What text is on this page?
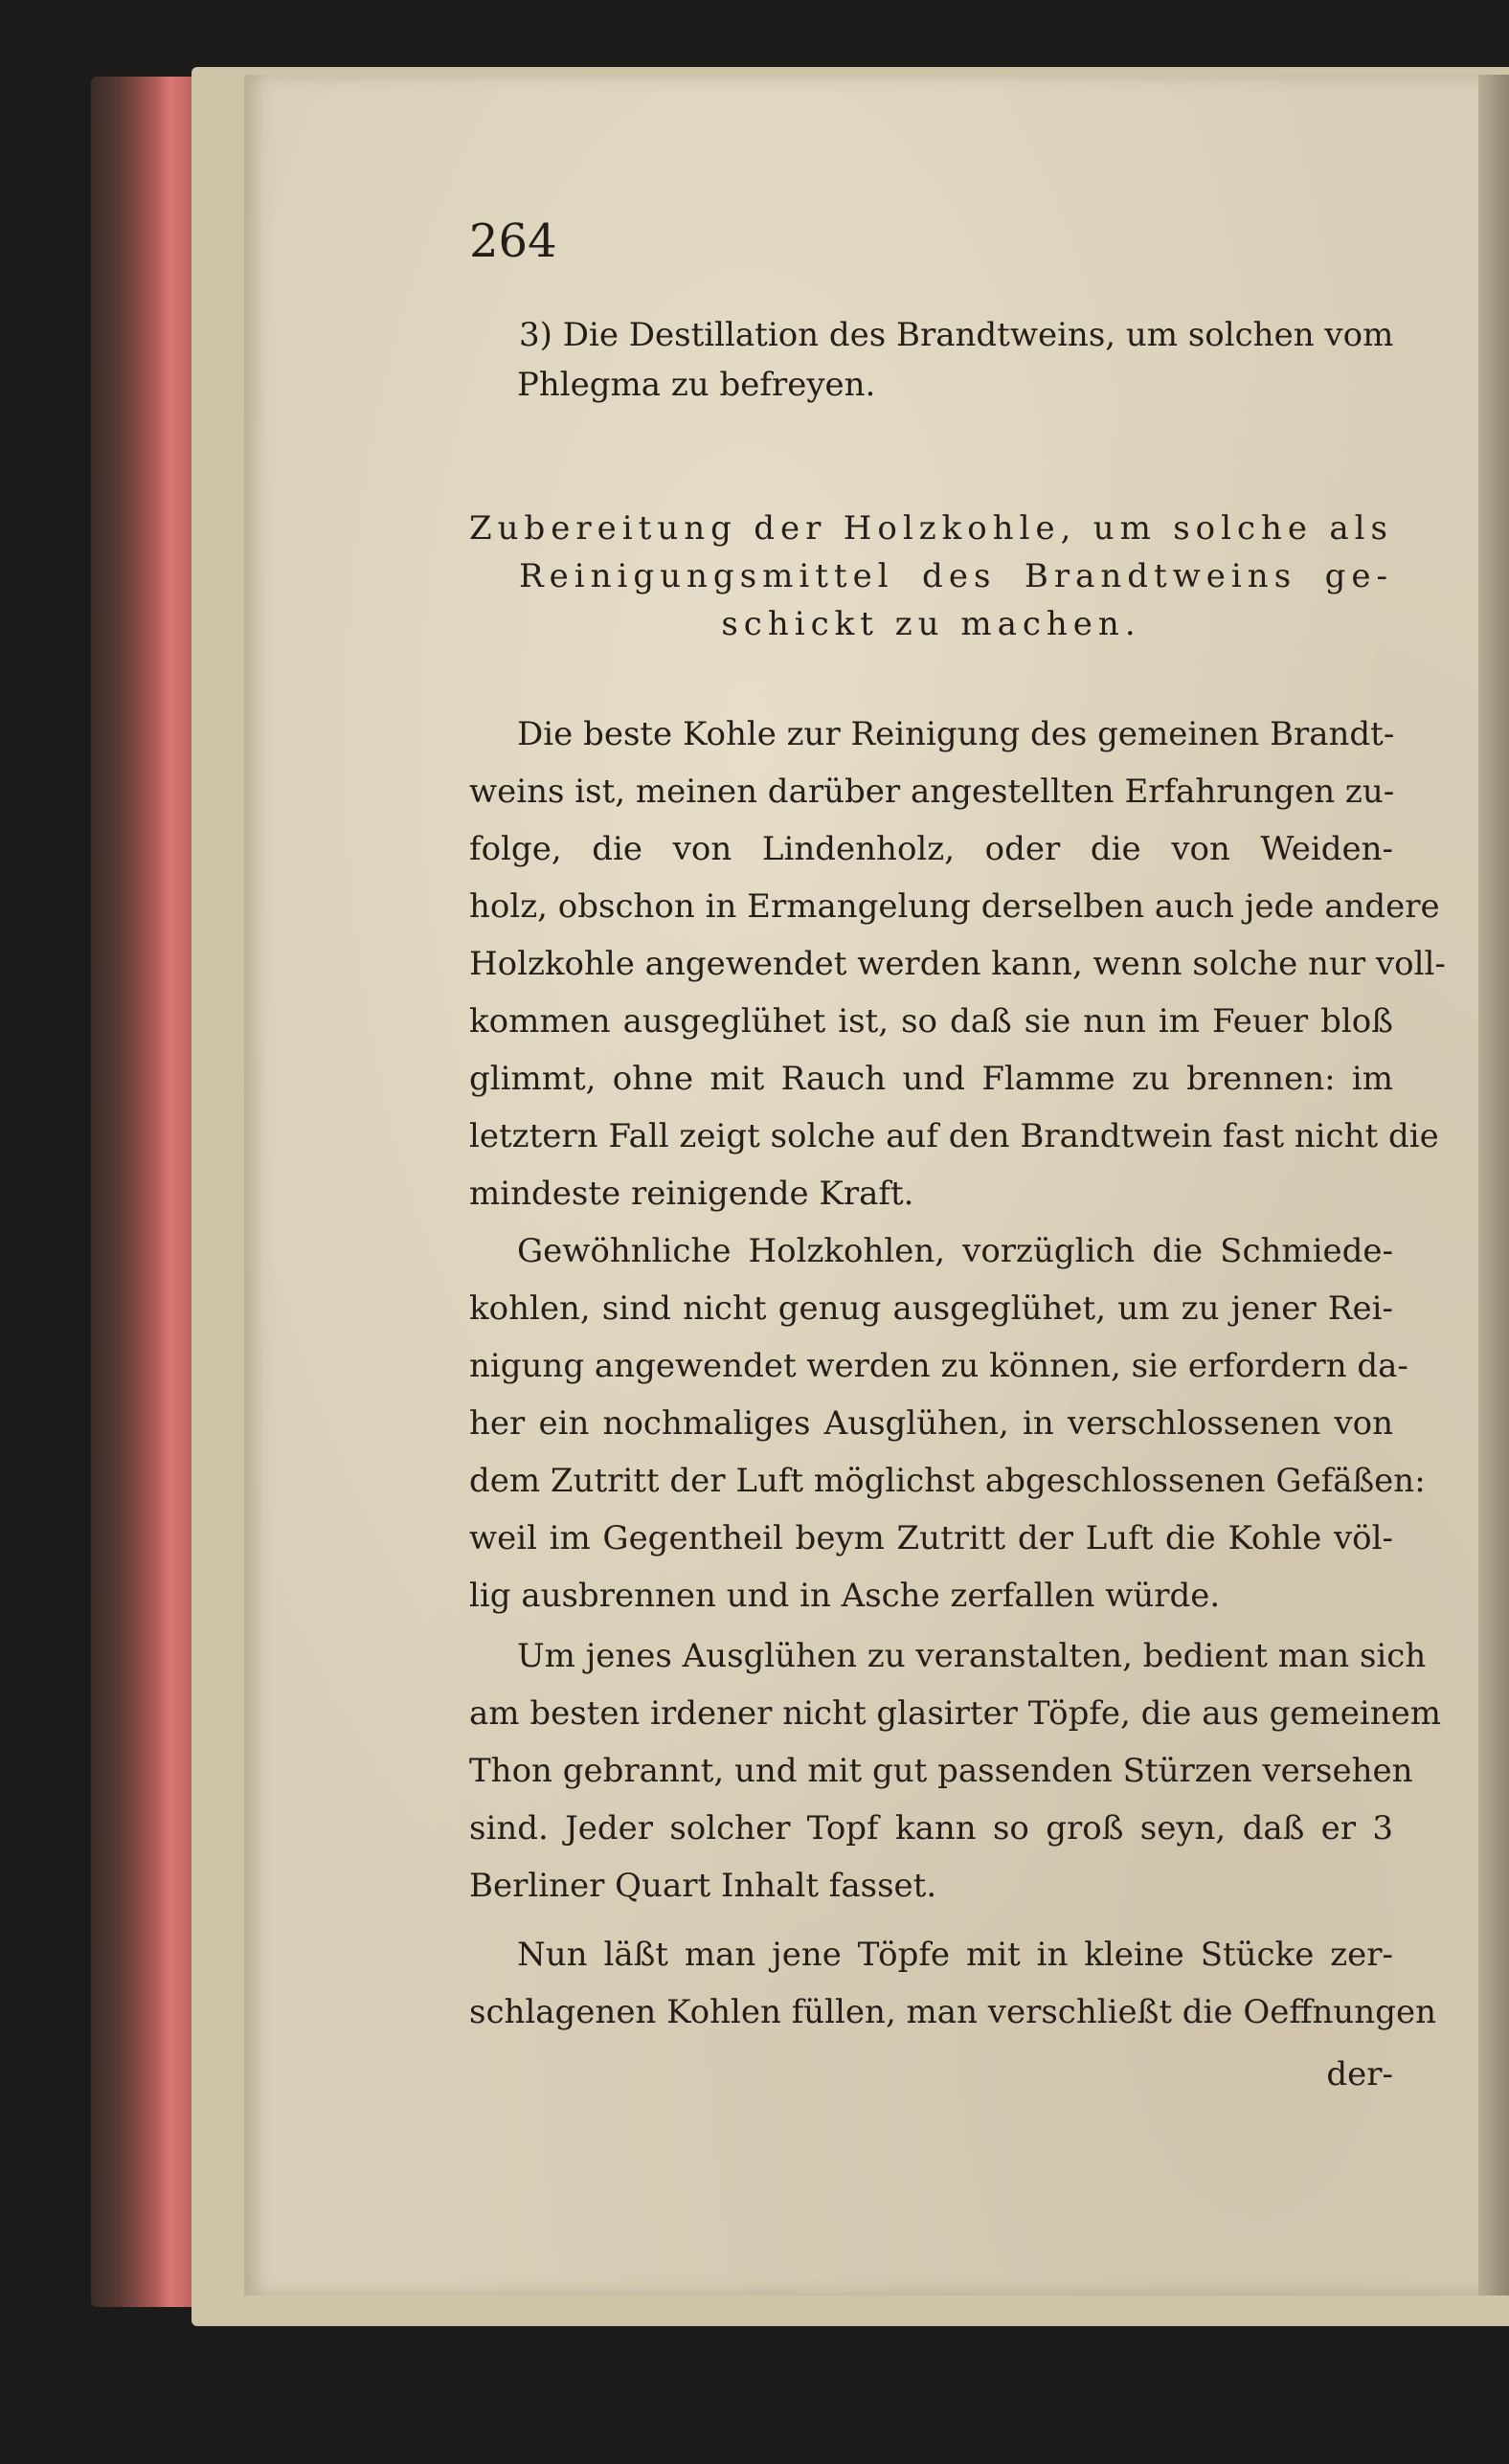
264
3) Die Destillation des Brandtweins, um solchen vom
Phlegma zu befreyen.
Zubereitung der Holzkohle, um solche als
Reinigungsmittel des Brandtweins ge-
schickt zu machen.
Die beste Kohle zur Reinigung des gemeinen Brandt-
weins ist, meinen darüber angestellten Erfahrungen zu-
folge, die von Lindenholz, oder die von Weiden-
holz, obschon in Ermangelung derselben auch jede andere
Holzkohle angewendet werden kann, wenn solche nur voll-
kommen ausgeglühet ist, so daß sie nun im Feuer bloß
glimmt, ohne mit Rauch und Flamme zu brennen: im
letztern Fall zeigt solche auf den Brandtwein fast nicht die
mindeste reinigende Kraft.
Gewöhnliche Holzkohlen, vorzüglich die Schmiede-
kohlen, sind nicht genug ausgeglühet, um zu jener Rei-
nigung angewendet werden zu können, sie erfordern da-
her ein nochmaliges Ausglühen, in verschlossenen von
dem Zutritt der Luft möglichst abgeschlossenen Gefäßen:
weil im Gegentheil beym Zutritt der Luft die Kohle völ-
lig ausbrennen und in Asche zerfallen würde.
Um jenes Ausglühen zu veranstalten, bedient man sich
am besten irdener nicht glasirter Töpfe, die aus gemeinem
Thon gebrannt, und mit gut passenden Stürzen versehen
sind. Jeder solcher Topf kann so groß seyn, daß er 3
Berliner Quart Inhalt fasset.
Nun läßt man jene Töpfe mit in kleine Stücke zer-
schlagenen Kohlen füllen, man verschließt die Oeffnungen
der-
